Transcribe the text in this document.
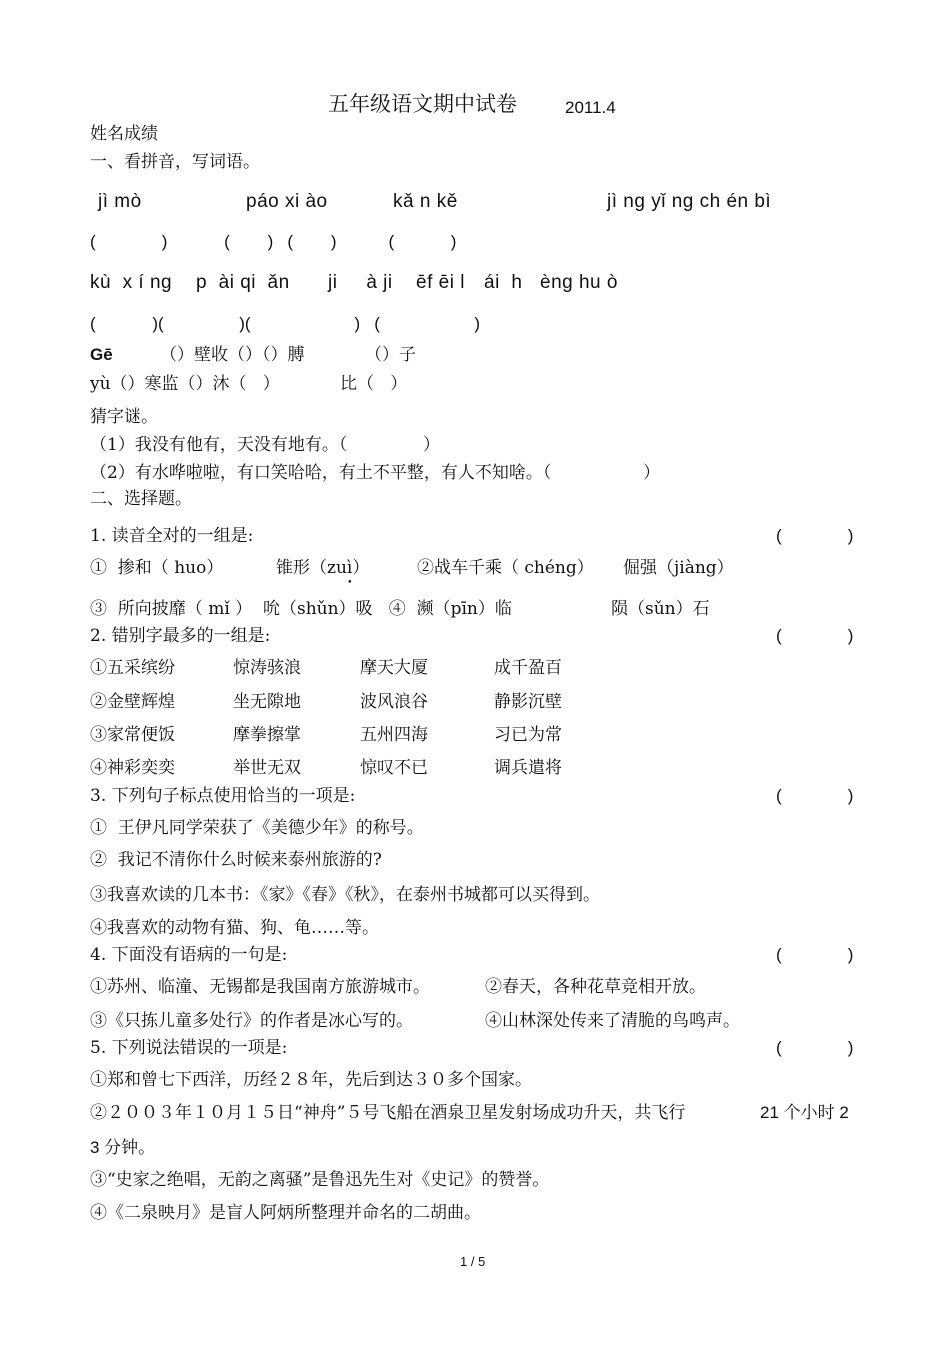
五年级语文期中试卷	2011.4
姓名成绩
一、看拼音，写词语。
jì mò	páo xi ào	kǎ n kě	jì ng yǐ ng ch én bì
(              )            (        )   (        )           (            )
kù  x í ng p  ài qi  ǎn ji     à ji ēf ēi l ái  h èng hu ò
(            )(                )(                      )   (                    )
Gē	（）壁收（）（）膊	（）子
yù（）寒监（）沐（   ）	比（   ）
猜字谜。
（1）我没有他有，天没有地有。（              ）
（2）有水哗啦啦，有口笑哈哈，有土不平整，有人不知啥。（                 ）
二、选择题。
1. 读音全对的一组是:	(              )
①  掺和（ huo）	锥形（zuì）	②战车千乘（ chéng） 倔强（jiàng）
③  所向披靡（ mǐ ）  吮（shǔn）吸   ④  濒（pīn）临	陨（sǔn）石
2. 错别字最多的一组是:	(              )
①五采缤纷	惊涛骇浪	摩天大厦	成千盈百
②金壁辉煌	坐无隙地	波风浪谷	静影沉壁
③家常便饭	摩拳擦掌	五州四海	习已为常
④神彩奕奕	举世无双	惊叹不已	调兵遣将
3. 下列句子标点使用恰当的一项是:	(              )
①  王伊凡同学荣获了《美德少年》的称号。
②  我记不清你什么时候来泰州旅游的?
③我喜欢读的几本书：《家》《春》《秋》，在泰州书城都可以买得到。
④我喜欢的动物有猫、狗、龟……等。
4. 下面没有语病的一句是:	(              )
①苏州、临潼、无锡都是我国南方旅游城市。	②春天，各种花草竞相开放。
③《只拣儿童多处行》的作者是冰心写的。	④山林深处传来了清脆的鸟鸣声。
5. 下列说法错误的一项是:	(              )
①郑和曾七下西洋，历经２８年，先后到达３０多个国家。
②２００３年１０月１５日“神舟”５号飞船在酒泉卫星发射场成功升天，共飞行	21 个小时 2
3 分钟。
③“史家之绝唱，无韵之离骚”是鲁迅先生对《史记》的赞誉。
④《二泉映月》是盲人阿炳所整理并命名的二胡曲。
1 / 5
